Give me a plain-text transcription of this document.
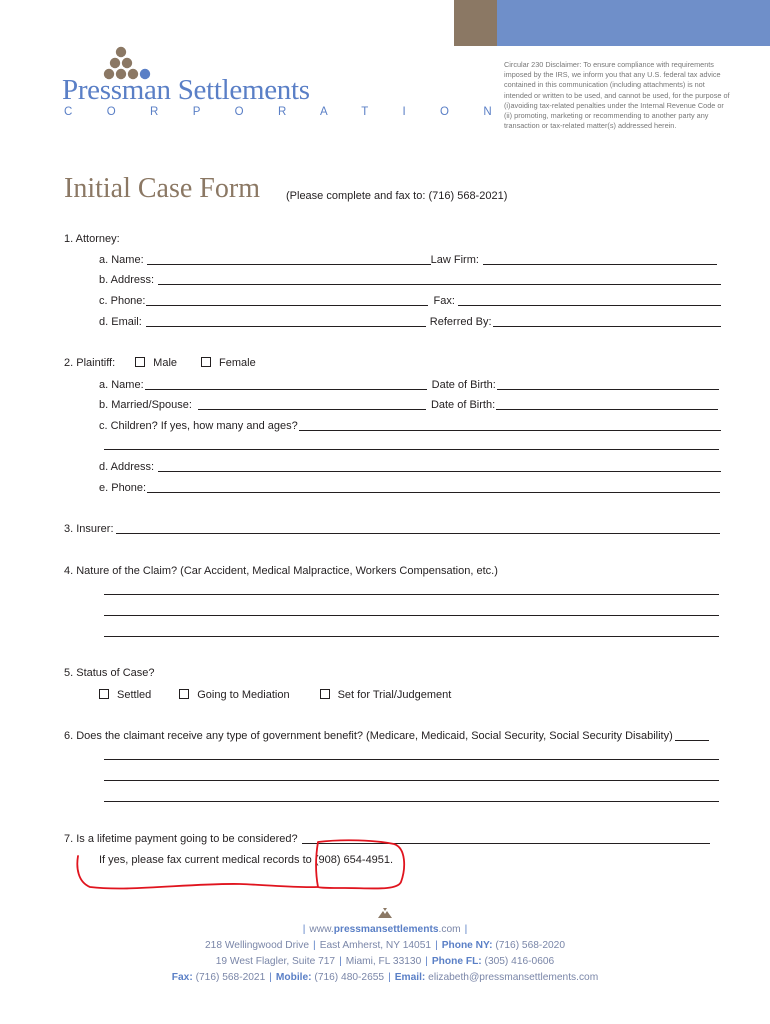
Pressman Settlements
C O R P O R A T I O N
Circular 230 Disclaimer: To ensure compliance with requirements imposed by the IRS, we inform you that any U.S. federal tax advice contained in this communication (including attachments) is not intended or written to be used, and cannot be used, for the purpose of (i)avoiding tax-related penalties under the Internal Revenue Code or (ii) promoting, marketing or recommending to another party any transaction or tax-related matter(s) addressed herein.
Initial Case Form (Please complete and fax to: (716) 568-2021)
1. Attorney:
a. Name:	Law Firm:
b. Address:
c. Phone:	Fax:
d. Email:	Referred By:
2. Plaintiff:	Male	Female
a. Name:	Date of Birth:
b. Married/Spouse:	Date of Birth:
c. Children? If yes, how many and ages?
d. Address:
e. Phone:
3. Insurer:
4. Nature of the Claim? (Car Accident, Medical Malpractice, Workers Compensation, etc.)
5. Status of Case?
Settled	Going to Mediation	Set for Trial/Judgement
6. Does the claimant receive any type of government benefit? (Medicare, Medicaid, Social Security, Social Security Disability)
7. Is a lifetime payment going to be considered?
If yes, please fax current medical records to (908) 654-4951.
| www.pressmansettlements.com |
218 Wellingwood Drive | East Amherst, NY 14051 | Phone NY: (716) 568-2020
19 West Flagler, Suite 717 | Miami, FL 33130 | Phone FL: (305) 416-0606
Fax: (716) 568-2021 | Mobile: (716) 480-2655 | Email: elizabeth@pressmansettlements.com
